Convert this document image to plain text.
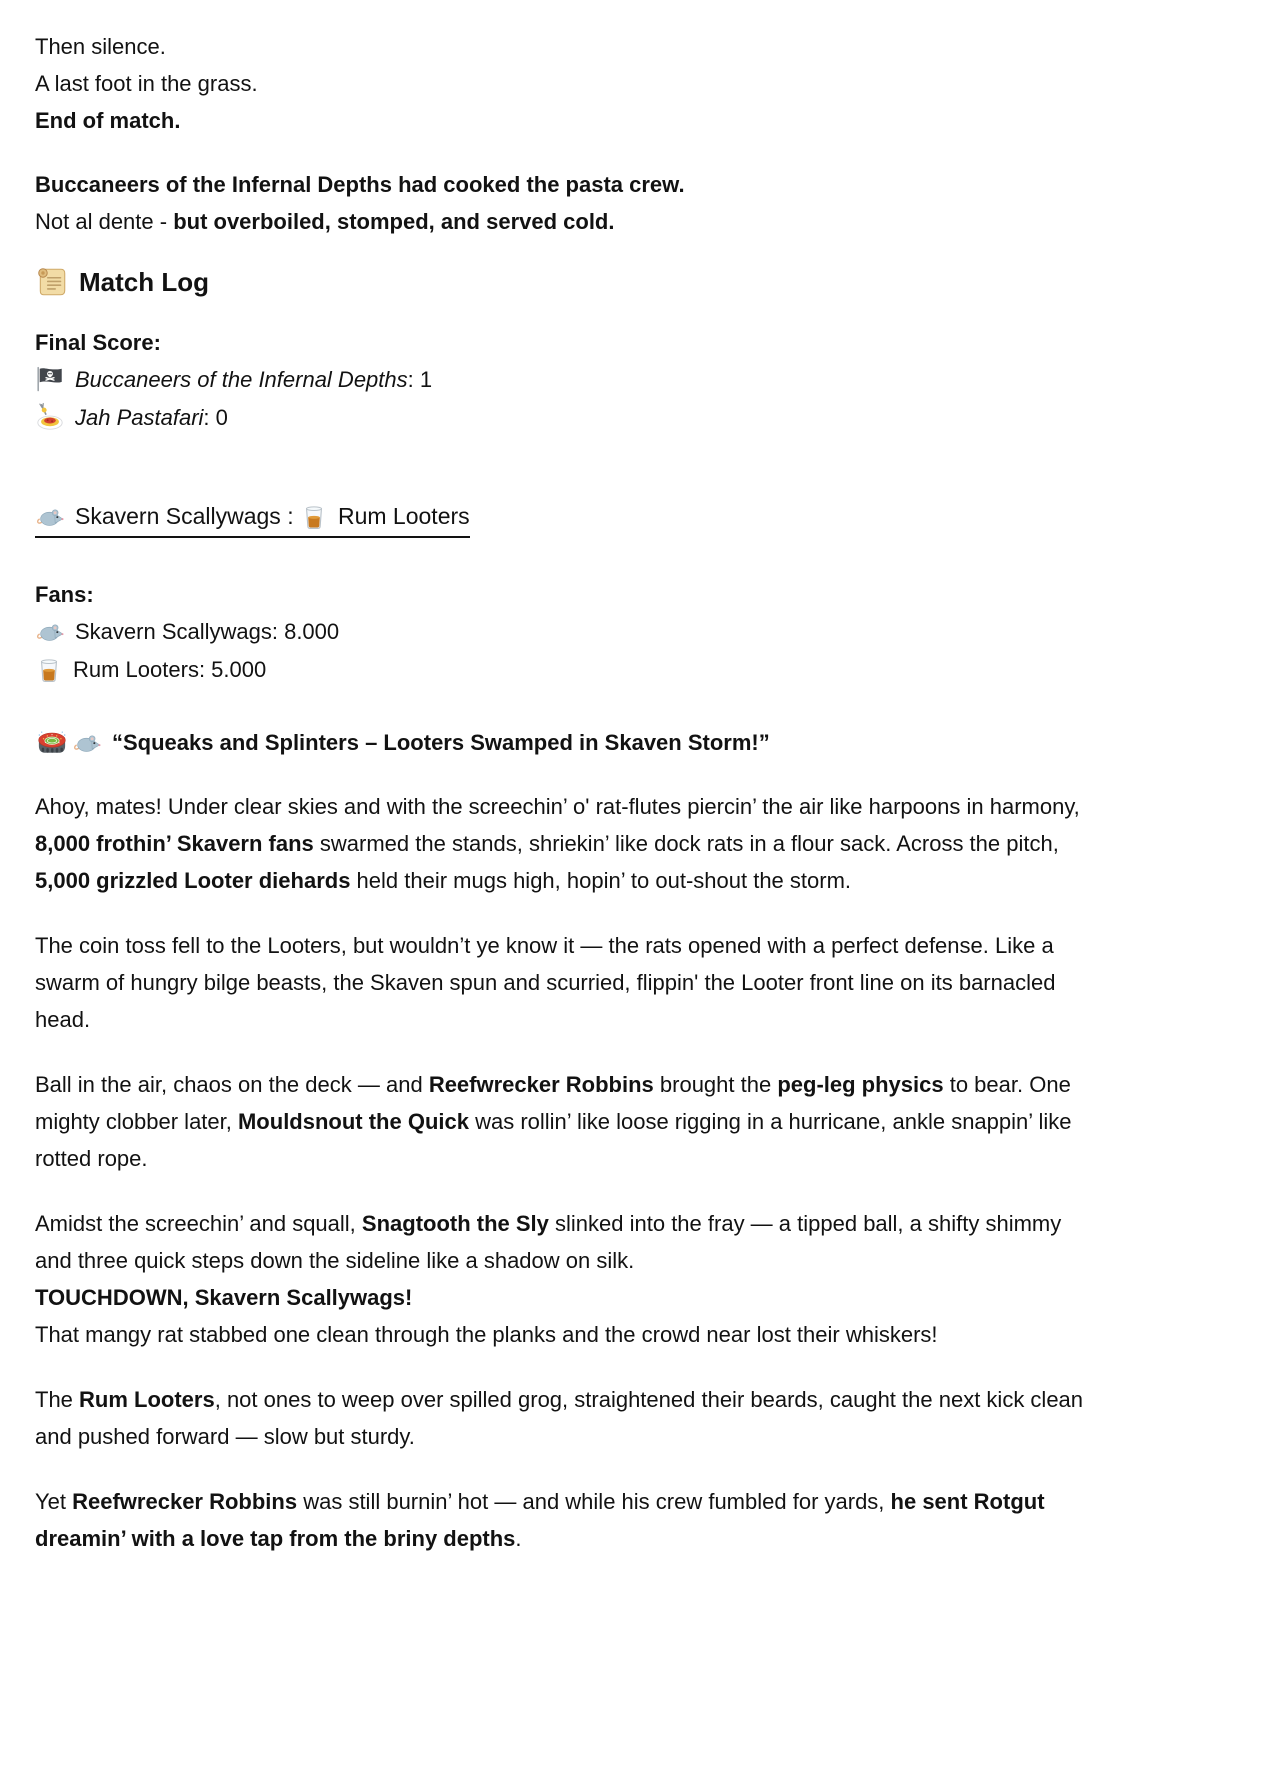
Then silence.
A last foot in the grass.
End of match.
Buccaneers of the Infernal Depths had cooked the pasta crew.
Not al dente - but overboiled, stomped, and served cold.
Match Log
Final Score:
Buccaneers of the Infernal Depths: 1
Jah Pastafari: 0
Skavern Scallywags : Rum Looters
Fans:
Skavern Scallywags: 8.000
Rum Looters: 5.000
“Squeaks and Splinters – Looters Swamped in Skaven Storm!”

Ahoy, mates! Under clear skies and with the screechin’ o' rat-flutes piercin’ the air like harpoons in harmony, 8,000 frothin’ Skavern fans swarmed the stands, shriekin’ like dock rats in a flour sack. Across the pitch, 5,000 grizzled Looter diehards held their mugs high, hopin’ to out-shout the storm.

The coin toss fell to the Looters, but wouldn’t ye know it — the rats opened with a perfect defense. Like a swarm of hungry bilge beasts, the Skaven spun and scurried, flippin' the Looter front line on its barnacled head.

Ball in the air, chaos on the deck — and Reefwrecker Robbins brought the peg-leg physics to bear. One mighty clobber later, Mouldsnout the Quick was rollin’ like loose rigging in a hurricane, ankle snappin’ like rotted rope.

Amidst the screechin’ and squall, Snagtooth the Sly slinked into the fray — a tipped ball, a shifty shimmy and three quick steps down the sideline like a shadow on silk.
TOUCHDOWN, Skavern Scallywags!
That mangy rat stabbed one clean through the planks and the crowd near lost their whiskers!

The Rum Looters, not ones to weep over spilled grog, straightened their beards, caught the next kick clean and pushed forward — slow but sturdy.

Yet Reefwrecker Robbins was still burnin’ hot — and while his crew fumbled for yards, he sent Rotgut dreamin’ with a love tap from the briny depths.
